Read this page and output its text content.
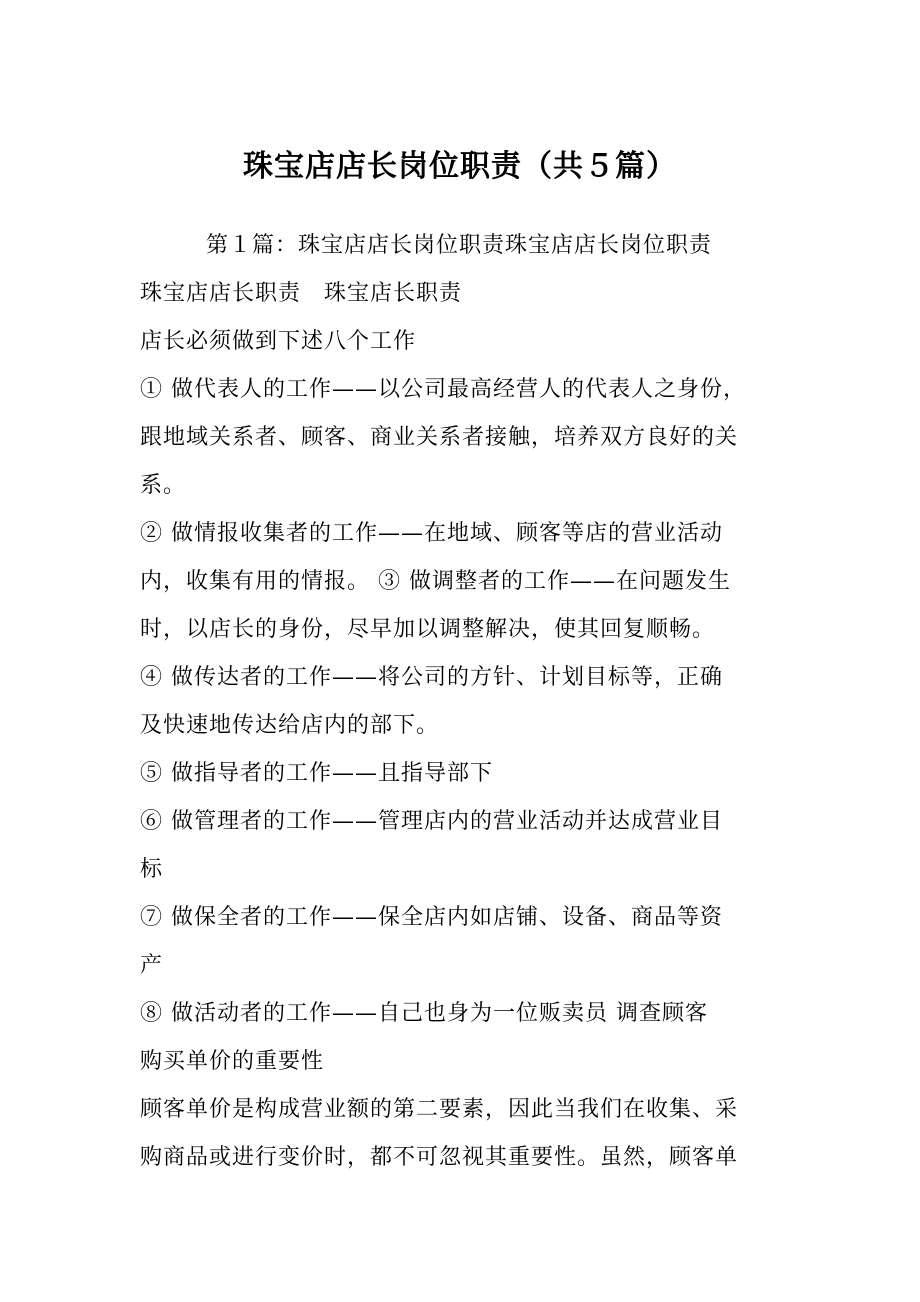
珠宝店店长岗位职责（共５篇）
第１篇：珠宝店店长岗位职责珠宝店店长岗位职责
珠宝店店长职责　珠宝店长职责
店长必须做到下述八个工作
① 做代表人的工作——以公司最高经营人的代表人之身份，
跟地域关系者、顾客、商业关系者接触，培养双方良好的关
系。
② 做情报收集者的工作——在地域、顾客等店的营业活动
内，收集有用的情报。 ③ 做调整者的工作——在问题发生
时，以店长的身份，尽早加以调整解决，使其回复顺畅。
④ 做传达者的工作——将公司的方针、计划目标等，正确
及快速地传达给店内的部下。
⑤ 做指导者的工作——且指导部下
⑥ 做管理者的工作——管理店内的营业活动并达成营业目
标
⑦ 做保全者的工作——保全店内如店铺、设备、商品等资
产
⑧ 做活动者的工作——自己也身为一位贩卖员 调查顾客
购买单价的重要性
顾客单价是构成营业额的第二要素，因此当我们在收集、采
购商品或进行变价时，都不可忽视其重要性。虽然，顾客单
